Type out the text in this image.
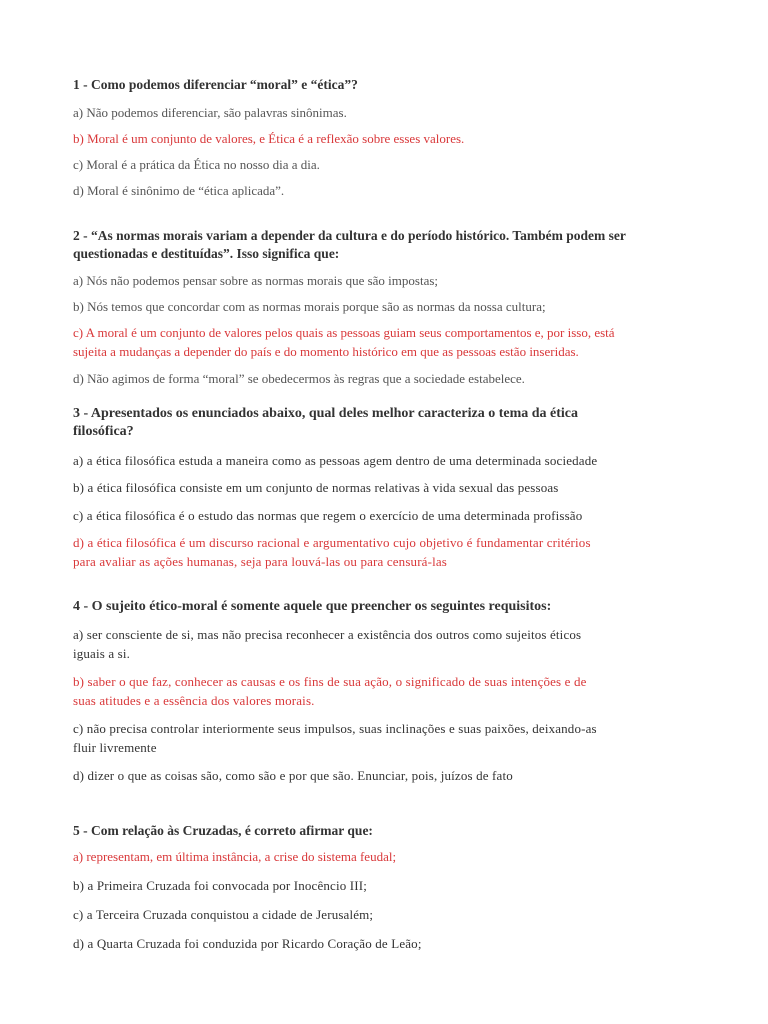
1 - Como podemos diferenciar “moral” e “ética”?
a) Não podemos diferenciar, são palavras sinônimas.
b) Moral é um conjunto de valores, e Ética é a reflexão sobre esses valores.
c) Moral é a prática da Ética no nosso dia a dia.
d) Moral é sinônimo de “ética aplicada”.
2 - “As normas morais variam a depender da cultura e do período histórico. Também podem ser
questionadas e destituídas”. Isso significa que:
a) Nós não podemos pensar sobre as normas morais que são impostas;
b) Nós temos que concordar com as normas morais porque são as normas da nossa cultura;
c) A moral é um conjunto de valores pelos quais as pessoas guiam seus comportamentos e, por isso, está
sujeita a mudanças a depender do país e do momento histórico em que as pessoas estão inseridas.
d) Não agimos de forma “moral” se obedecermos às regras que a sociedade estabelece.
3 - Apresentados os enunciados abaixo, qual deles melhor caracteriza o tema da ética
filosófica?
a) a ética filosófica estuda a maneira como as pessoas agem dentro de uma determinada sociedade
b) a ética filosófica consiste em um conjunto de normas relativas à vida sexual das pessoas
c) a ética filosófica é o estudo das normas que regem o exercício de uma determinada profissão
d) a ética filosófica é um discurso racional e argumentativo cujo objetivo é fundamentar critérios
para avaliar as ações humanas, seja para louvá-las ou para censurá-las
4 - O sujeito ético-moral é somente aquele que preencher os seguintes requisitos:
a) ser consciente de si, mas não precisa reconhecer a existência dos outros como sujeitos éticos
iguais a si.
b) saber o que faz, conhecer as causas e os fins de sua ação, o significado de suas intenções e de
suas atitudes e a essência dos valores morais.
c) não precisa controlar interiormente seus impulsos, suas inclinações e suas paixões, deixando-as
fluir livremente
d) dizer o que as coisas são, como são e por que são. Enunciar, pois, juízos de fato
5 - Com relação às Cruzadas, é correto afirmar que:
a) representam, em última instância, a crise do sistema feudal;
b) a Primeira Cruzada foi convocada por Inocêncio III;
c) a Terceira Cruzada conquistou a cidade de Jerusalém;
d) a Quarta Cruzada foi conduzida por Ricardo Coração de Leão;
